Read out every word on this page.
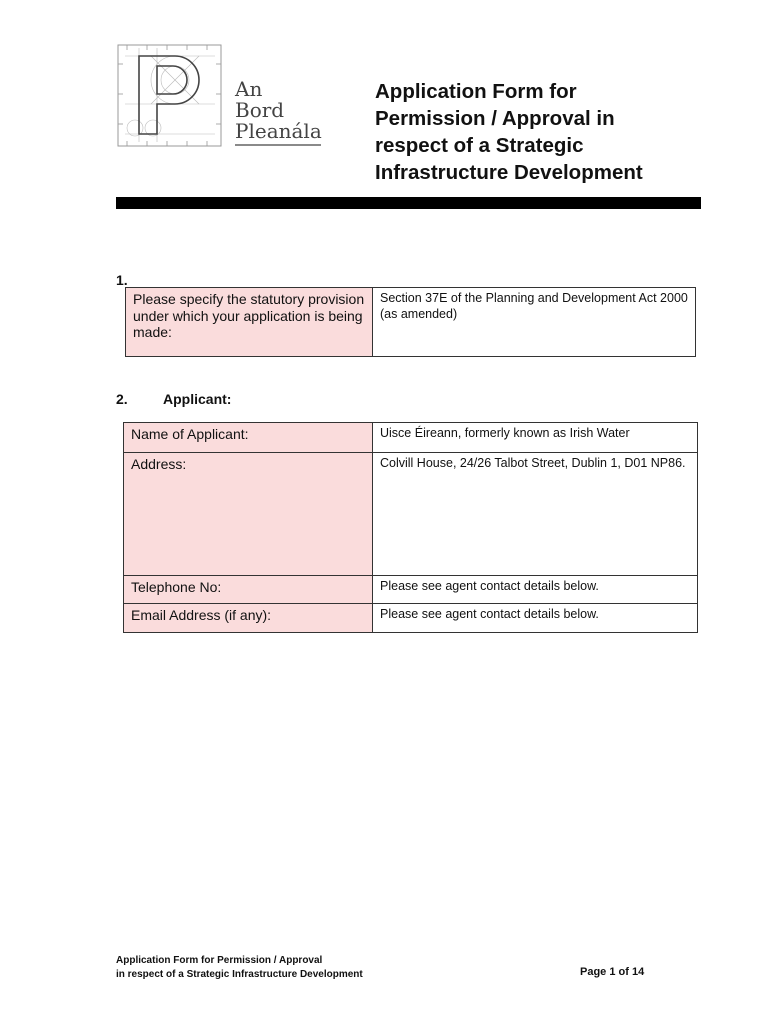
An
Bord
Pleanála
Application Form for
Permission / Approval in
respect of a Strategic
Infrastructure Development
1.
Please specify the statutory provision under which your application is being made:

Section 37E of the Planning and Development Act 2000 (as amended)
2.	Applicant:
Name of Applicant:	Uisce Éireann, formerly known as Irish Water

Address:	Colvill House, 24/26 Talbot Street, Dublin 1, D01 NP86.

Telephone No:	Please see agent contact details below.

Email Address (if any):	Please see agent contact details below.
Application Form for Permission / Approval
in respect of a Strategic Infrastructure Development	Page 1 of 14
